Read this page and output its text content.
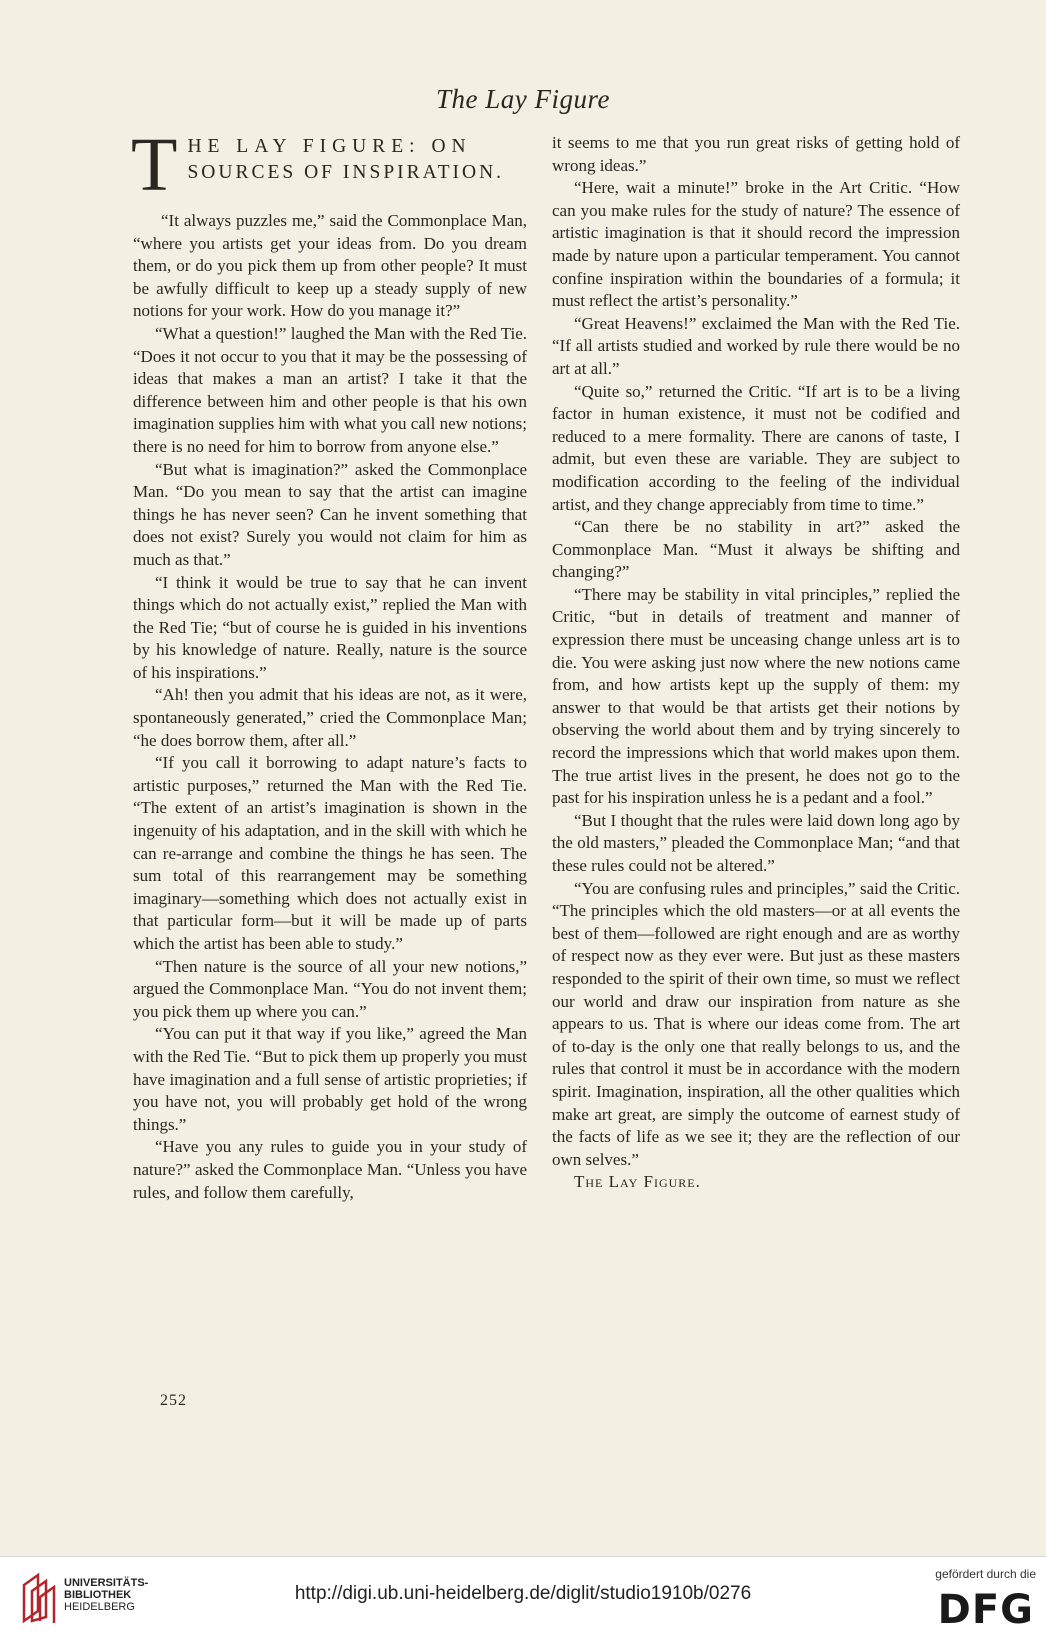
The Lay Figure
T HE LAY FIGURE: ON
SOURCES OF INSPIRATION.

“It always puzzles me,” said the Commonplace Man, “where you artists get your ideas from. Do you dream them, or do you pick them up from other people? It must be awfully difficult to keep up a steady supply of new notions for your work. How do you manage it?”

“What a question!” laughed the Man with the Red Tie. “Does it not occur to you that it may be the possessing of ideas that makes a man an artist? I take it that the difference between him and other people is that his own imagination supplies him with what you call new notions; there is no need for him to borrow from anyone else.”

“But what is imagination?” asked the Commonplace Man. “Do you mean to say that the artist can imagine things he has never seen? Can he invent something that does not exist? Surely you would not claim for him as much as that.”

“I think it would be true to say that he can invent things which do not actually exist,” replied the Man with the Red Tie; “but of course he is guided in his inventions by his knowledge of nature. Really, nature is the source of his inspirations.”

“Ah! then you admit that his ideas are not, as it were, spontaneously generated,” cried the Commonplace Man; “he does borrow them, after all.”

“If you call it borrowing to adapt nature’s facts to artistic purposes,” returned the Man with the Red Tie. “The extent of an artist’s imagination is shown in the ingenuity of his adaptation, and in the skill with which he can re-arrange and combine the things he has seen. The sum total of this rearrangement may be something imaginary—something which does not actually exist in that particular form—but it will be made up of parts which the artist has been able to study.”

“Then nature is the source of all your new notions,” argued the Commonplace Man. “You do not invent them; you pick them up where you can.”

“You can put it that way if you like,” agreed the Man with the Red Tie. “But to pick them up properly you must have imagination and a full sense of artistic proprieties; if you have not, you will probably get hold of the wrong things.”

“Have you any rules to guide you in your study of nature?” asked the Commonplace Man. “Unless you have rules, and follow them carefully,

it seems to me that you run great risks of getting hold of wrong ideas.”

“Here, wait a minute!” broke in the Art Critic. “How can you make rules for the study of nature? The essence of artistic imagination is that it should record the impression made by nature upon a particular temperament. You cannot confine inspiration within the boundaries of a formula; it must reflect the artist’s personality.”

“Great Heavens!” exclaimed the Man with the Red Tie. “If all artists studied and worked by rule there would be no art at all.”

“Quite so,” returned the Critic. “If art is to be a living factor in human existence, it must not be codified and reduced to a mere formality. There are canons of taste, I admit, but even these are variable. They are subject to modification according to the feeling of the individual artist, and they change appreciably from time to time.”

“Can there be no stability in art?” asked the Commonplace Man. “Must it always be shifting and changing?”

“There may be stability in vital principles,” replied the Critic, “but in details of treatment and manner of expression there must be unceasing change unless art is to die. You were asking just now where the new notions came from, and how artists kept up the supply of them: my answer to that would be that artists get their notions by observing the world about them and by trying sincerely to record the impressions which that world makes upon them. The true artist lives in the present, he does not go to the past for his inspiration unless he is a pedant and a fool.”

“But I thought that the rules were laid down long ago by the old masters,” pleaded the Commonplace Man; “and that these rules could not be altered.”

“You are confusing rules and principles,” said the Critic. “The principles which the old masters—or at all events the best of them—followed are right enough and are as worthy of respect now as they ever were. But just as these masters responded to the spirit of their own time, so must we reflect our world and draw our inspiration from nature as she appears to us. That is where our ideas come from. The art of to-day is the only one that really belongs to us, and the rules that control it must be in accordance with the modern spirit. Imagination, inspiration, all the other qualities which make art great, are simply the outcome of earnest study of the facts of life as we see it; they are the reflection of our own selves.”

The Lay Figure.

252
UNIVERSITÄTS-
BIBLIOTHEK
HEIDELBERG
http://digi.ub.uni-heidelberg.de/diglit/studio1910b/0276
gefördert durch die
DFG
